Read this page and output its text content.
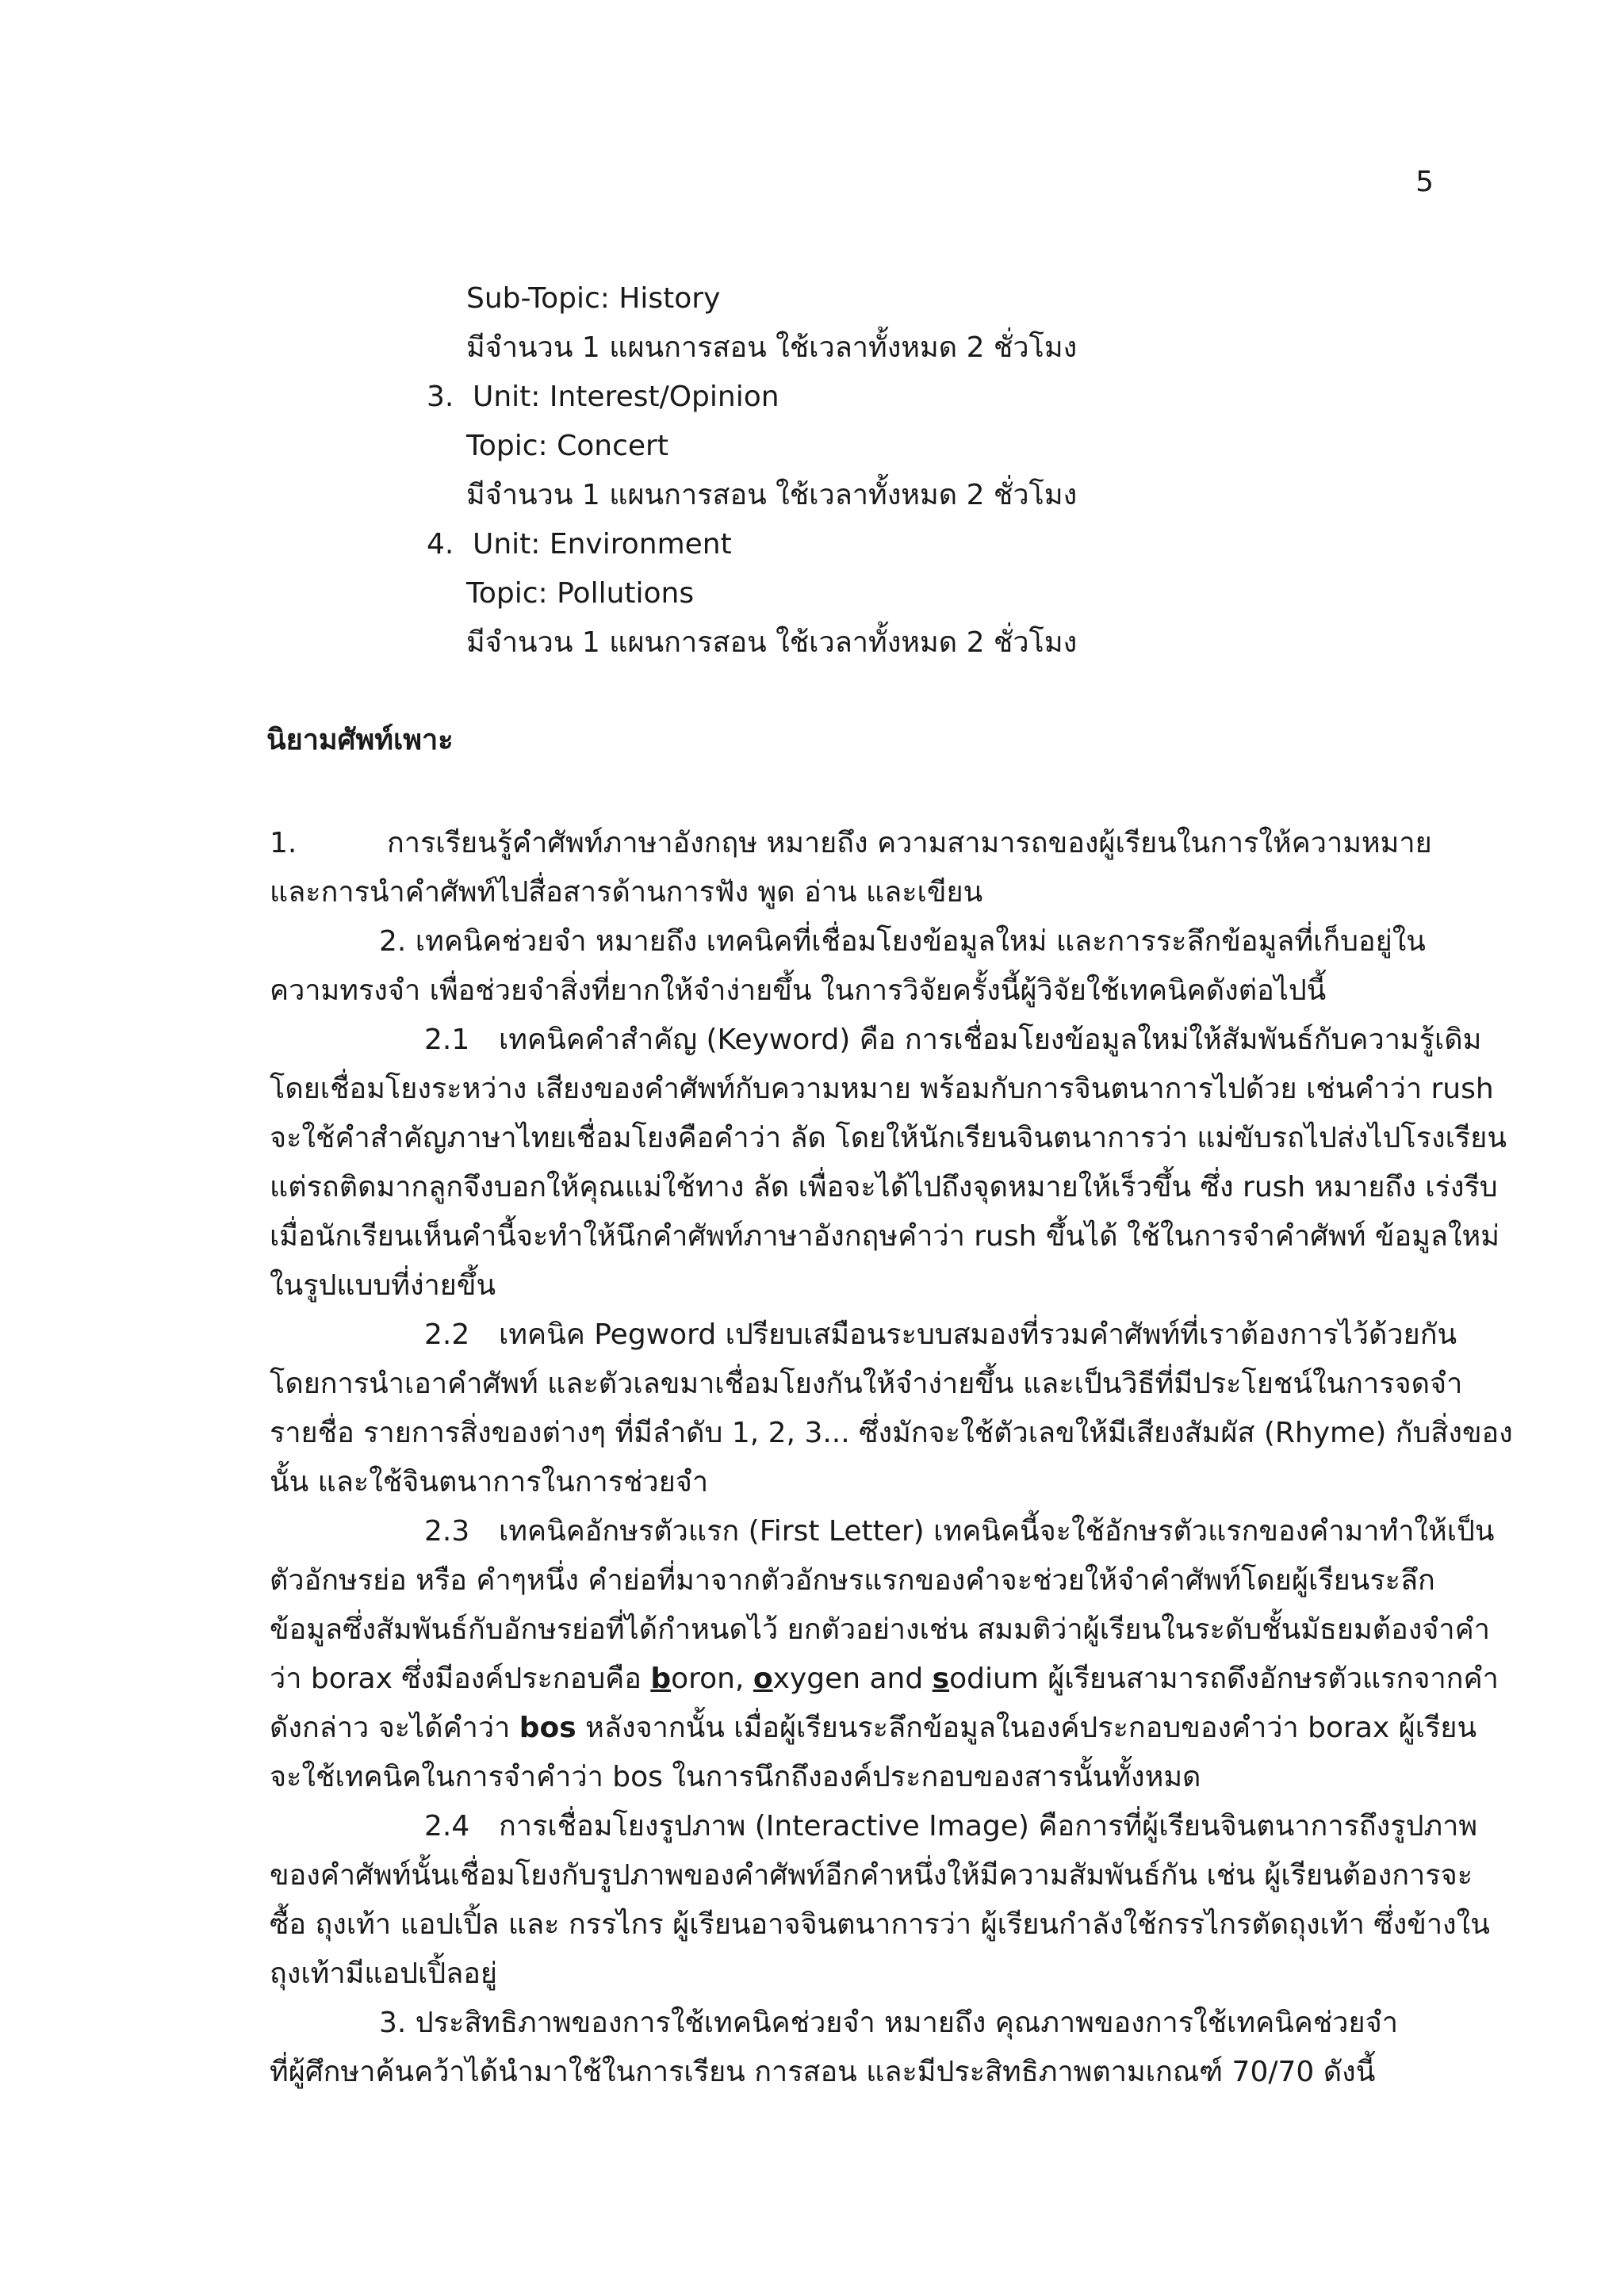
5
Sub-Topic: History
มีจำนวน 1 แผนการสอน ใช้เวลาทั้งหมด 2 ชั่วโมง
3. Unit: Interest/Opinion
Topic: Concert
มีจำนวน 1 แผนการสอน ใช้เวลาทั้งหมด 2 ชั่วโมง
4. Unit: Environment
Topic: Pollutions
มีจำนวน 1 แผนการสอน ใช้เวลาทั้งหมด 2 ชั่วโมง
นิยามศัพท์เพาะ
1.	การเรียนรู้คำศัพท์ภาษาอังกฤษ หมายถึง ความสามารถของผู้เรียนในการให้ความหมาย
และการนำคำศัพท์ไปสื่อสารด้านการฟัง พูด อ่าน และเขียน
2. เทคนิคช่วยจำ หมายถึง เทคนิคที่เชื่อมโยงข้อมูลใหม่ และการระลึกข้อมูลที่เก็บอยู่ใน
ความทรงจำ เพื่อช่วยจำสิ่งที่ยากให้จำง่ายขึ้น ในการวิจัยครั้งนี้ผู้วิจัยใช้เทคนิคดังต่อไปนี้
2.1 เทคนิคคำสำคัญ (Keyword) คือ การเชื่อมโยงข้อมูลใหม่ให้สัมพันธ์กับความรู้เดิม
โดยเชื่อมโยงระหว่าง เสียงของคำศัพท์กับความหมาย พร้อมกับการจินตนาการไปด้วย เช่นคำว่า rush
จะใช้คำสำคัญภาษาไทยเชื่อมโยงคือคำว่า ลัด โดยให้นักเรียนจินตนาการว่า แม่ขับรถไปส่งไปโรงเรียน
แต่รถติดมากลูกจึงบอกให้คุณแม่ใช้ทาง ลัด เพื่อจะได้ไปถึงจุดหมายให้เร็วขึ้น ซึ่ง rush หมายถึง เร่งรีบ
เมื่อนักเรียนเห็นคำนี้จะทำให้นึกคำศัพท์ภาษาอังกฤษคำว่า rush ขึ้นได้ ใช้ในการจำคำศัพท์ ข้อมูลใหม่
ในรูปแบบที่ง่ายขึ้น
2.2 เทคนิค Pegword เปรียบเสมือนระบบสมองที่รวมคำศัพท์ที่เราต้องการไว้ด้วยกัน
โดยการนำเอาคำศัพท์ และตัวเลขมาเชื่อมโยงกันให้จำง่ายขึ้น และเป็นวิธีที่มีประโยชน์ในการจดจำ
รายชื่อ รายการสิ่งของต่างๆ ที่มีลำดับ 1, 2, 3... ซึ่งมักจะใช้ตัวเลขให้มีเสียงสัมผัส (Rhyme) กับสิ่งของ
นั้น และใช้จินตนาการในการช่วยจำ
2.3 เทคนิคอักษรตัวแรก (First Letter) เทคนิคนี้จะใช้อักษรตัวแรกของคำมาทำให้เป็น
ตัวอักษรย่อ หรือ คำๆหนึ่ง คำย่อที่มาจากตัวอักษรแรกของคำจะช่วยให้จำคำศัพท์โดยผู้เรียนระลึก
ข้อมูลซึ่งสัมพันธ์กับอักษรย่อที่ได้กำหนดไว้ ยกตัวอย่างเช่น สมมติว่าผู้เรียนในระดับชั้นมัธยมต้องจำคำ
ว่า borax ซึ่งมีองค์ประกอบคือ boron, oxygen and sodium ผู้เรียนสามารถดึงอักษรตัวแรกจากคำ
ดังกล่าว จะได้คำว่า bos หลังจากนั้น เมื่อผู้เรียนระลึกข้อมูลในองค์ประกอบของคำว่า borax ผู้เรียน
จะใช้เทคนิคในการจำคำว่า bos ในการนึกถึงองค์ประกอบของสารนั้นทั้งหมด
2.4 การเชื่อมโยงรูปภาพ (Interactive Image) คือการที่ผู้เรียนจินตนาการถึงรูปภาพ
ของคำศัพท์นั้นเชื่อมโยงกับรูปภาพของคำศัพท์อีกคำหนึ่งให้มีความสัมพันธ์กัน เช่น ผู้เรียนต้องการจะ
ซื้อ ถุงเท้า แอปเปิ้ล และ กรรไกร ผู้เรียนอาจจินตนาการว่า ผู้เรียนกำลังใช้กรรไกรตัดถุงเท้า ซึ่งข้างใน
ถุงเท้ามีแอปเปิ้ลอยู่
3. ประสิทธิภาพของการใช้เทคนิคช่วยจำ หมายถึง คุณภาพของการใช้เทคนิคช่วยจำ
ที่ผู้ศึกษาค้นคว้าได้นำมาใช้ในการเรียน การสอน และมีประสิทธิภาพตามเกณฑ์ 70/70 ดังนี้
